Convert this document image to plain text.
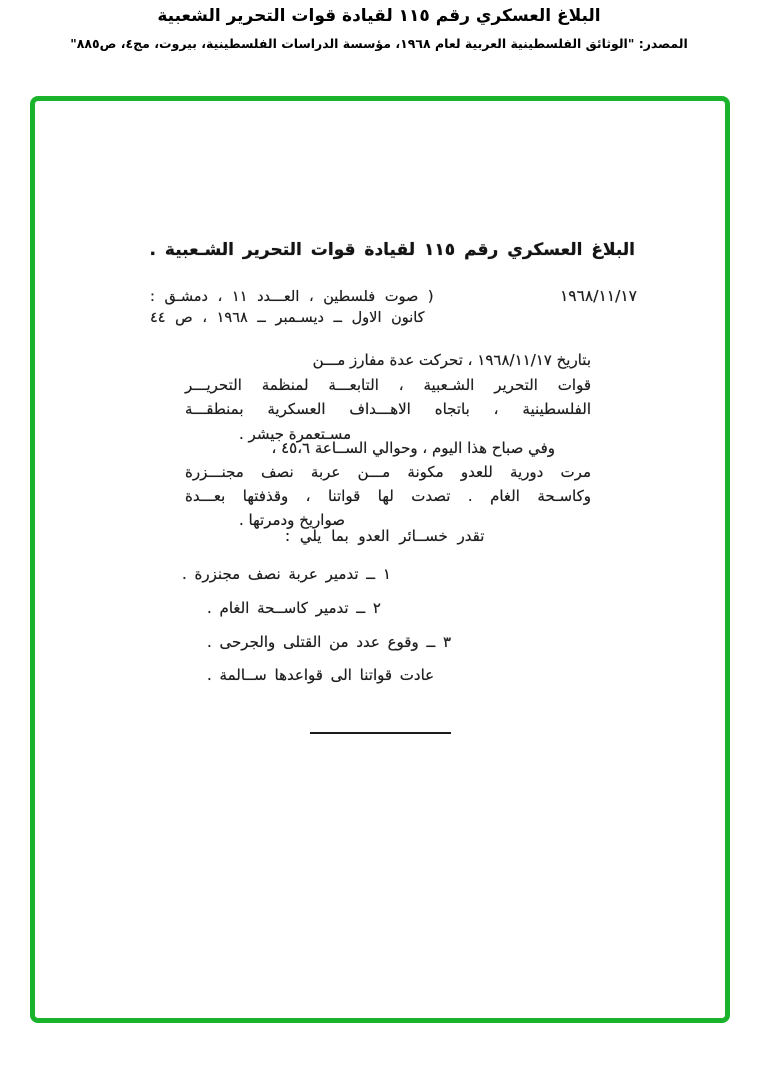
البلاغ العسكري رقم ١١٥ لقيادة قوات التحرير الشعبية
المصدر: "الوثائق الفلسطينية العربية لعام ١٩٦٨، مؤسسة الدراسات الفلسطينية، بيروت، مج٤، ص٨٨٥"
البلاغ العسكري رقم ١١٥ لقيادة قوات التحرير الشـعبية .
١٩٦٨/١١/١٧
( صوت فلسطين ، العـــدد ١١ ، دمشـق :
كانون الاول ــ ديسـمبر ــ ١٩٦٨ ، ص ٤٤
بتاريخ ١٩٦٨/١١/١٧ ، تحركت عدة مفارز مـــن
قوات التحرير الشـعبية ، التابعـــة لمنظمة التحريـــر
الفلسطينية ، باتجاه الاهـــداف العسكرية بمنطقـــة
مسـتعمرة جيشر .
وفي صباح هذا اليوم ، وحوالي الســاعة ٤٥،٦ ،
مرت دورية للعدو مكونة مـــن عربة نصف مجنـــزرة
وكاسـحة الغام . تصدت لها قواتنا ، وقذفتها بعـــدة
صواريخ ودمرتها .
تقدر خســائر العدو بما يلي :
١ ــ تدمير عربة نصف مجنزرة .
٢ ــ تدمير كاســحة الغام .
٣ ــ وقوع عدد من القتلى والجرحى .
عادت قواتنا الى قواعدها ســالمة .
